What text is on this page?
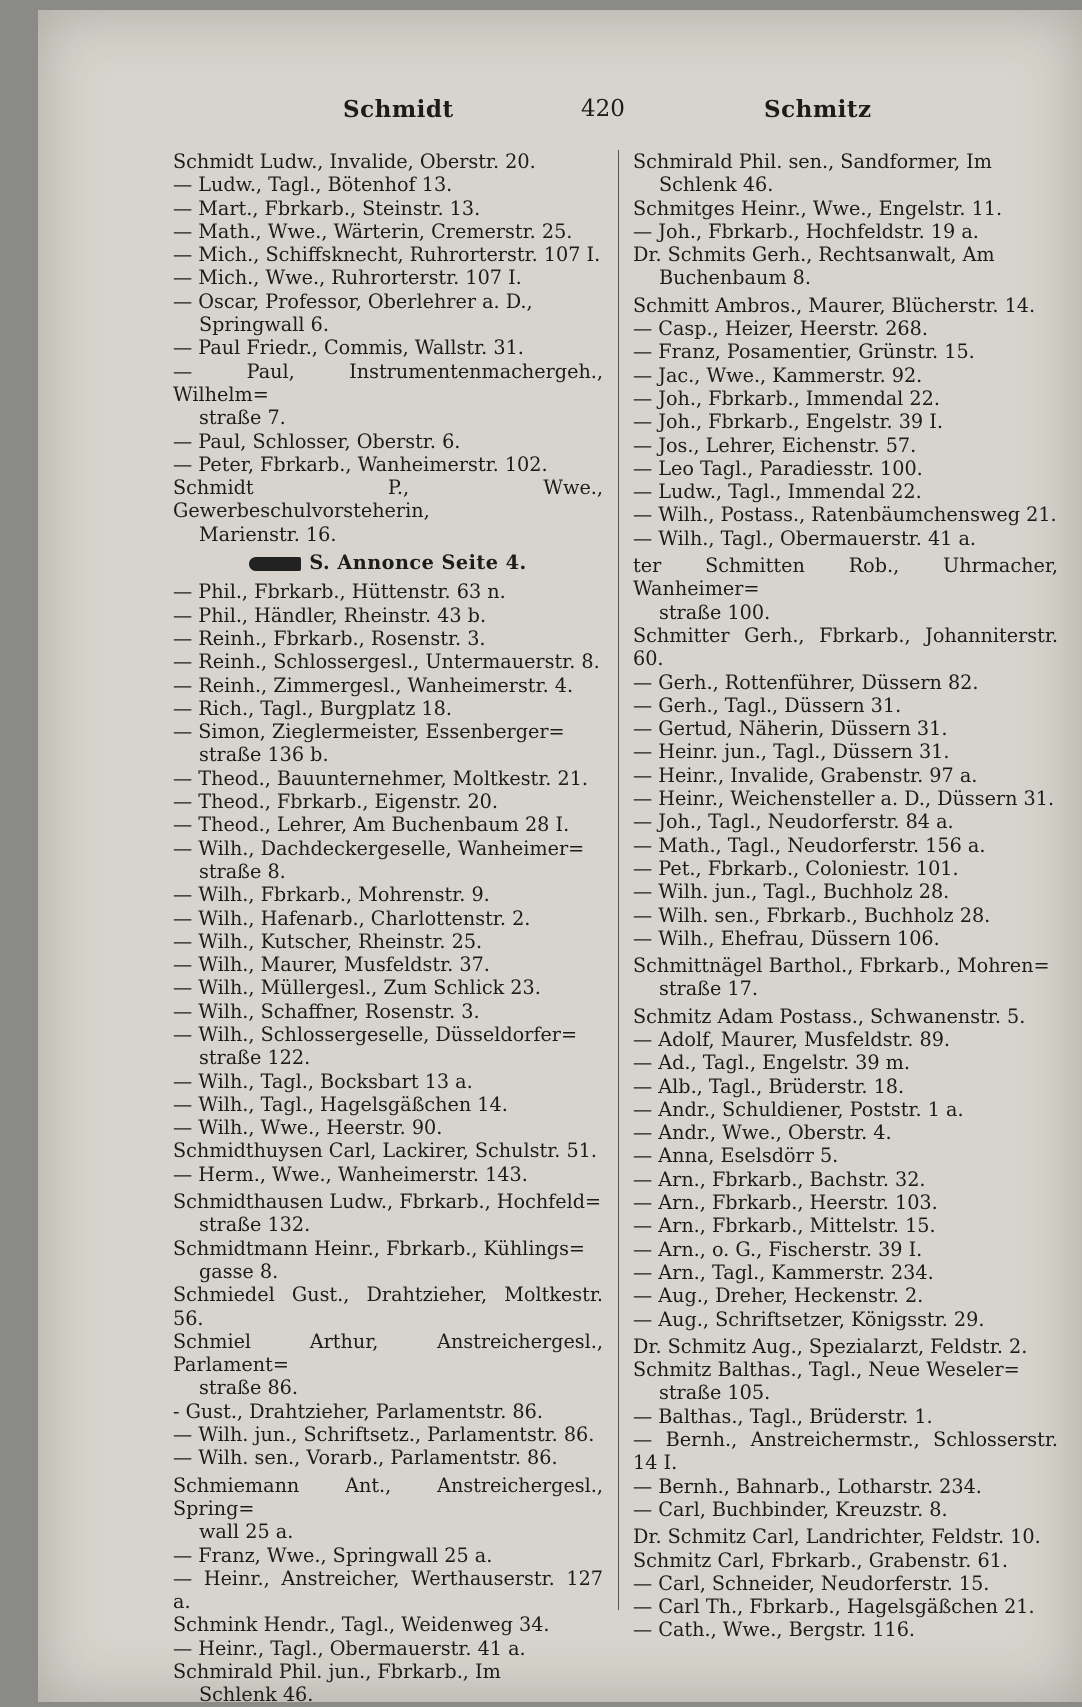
Schmidt	420	Schmitz
Schmidt Ludw., Invalide, Oberstr. 20.
— Ludw., Tagl., Bötenhof 13.
— Mart., Fbrkarb., Steinstr. 13.
— Math., Wwe., Wärterin, Cremerstr. 25.
— Mich., Schiffsknecht, Ruhrorterstr. 107 I.
— Mich., Wwe., Ruhrorterstr. 107 I.
— Oscar, Professor, Oberlehrer a. D.,
Springwall 6.
— Paul Friedr., Commis, Wallstr. 31.
— Paul, Instrumentenmachergeh., Wilhelm=
straße 7.
— Paul, Schlosser, Oberstr. 6.
— Peter, Fbrkarb., Wanheimerstr. 102.
Schmidt P., Wwe., Gewerbeschulvorsteherin,
Marienstr. 16.
S. Annonce Seite 4.
— Phil., Fbrkarb., Hüttenstr. 63 n.
— Phil., Händler, Rheinstr. 43 b.
— Reinh., Fbrkarb., Rosenstr. 3.
— Reinh., Schlossergesl., Untermauerstr. 8.
— Reinh., Zimmergesl., Wanheimerstr. 4.
— Rich., Tagl., Burgplatz 18.
— Simon, Zieglermeister, Essenberger=
straße 136 b.
— Theod., Bauunternehmer, Moltkestr. 21.
— Theod., Fbrkarb., Eigenstr. 20.
— Theod., Lehrer, Am Buchenbaum 28 I.
— Wilh., Dachdeckergeselle, Wanheimer=
straße 8.
— Wilh., Fbrkarb., Mohrenstr. 9.
— Wilh., Hafenarb., Charlottenstr. 2.
— Wilh., Kutscher, Rheinstr. 25.
— Wilh., Maurer, Musfeldstr. 37.
— Wilh., Müllergesl., Zum Schlick 23.
— Wilh., Schaffner, Rosenstr. 3.
— Wilh., Schlossergeselle, Düsseldorfer=
straße 122.
— Wilh., Tagl., Bocksbart 13 a.
— Wilh., Tagl., Hagelsgäßchen 14.
— Wilh., Wwe., Heerstr. 90.
Schmidthuysen Carl, Lackirer, Schulstr. 51.
— Herm., Wwe., Wanheimerstr. 143.
Schmidthausen Ludw., Fbrkarb., Hochfeld=
straße 132.
Schmidtmann Heinr., Fbrkarb., Kühlings=
gasse 8.
Schmiedel Gust., Drahtzieher, Moltkestr. 56.
Schmiel Arthur, Anstreichergesl., Parlament=
straße 86.
- Gust., Drahtzieher, Parlamentstr. 86.
— Wilh. jun., Schriftsetz., Parlamentstr. 86.
— Wilh. sen., Vorarb., Parlamentstr. 86.
Schmiemann Ant., Anstreichergesl., Spring=
wall 25 a.
— Franz, Wwe., Springwall 25 a.
— Heinr., Anstreicher, Werthauserstr. 127 a.
Schmink Hendr., Tagl., Weidenweg 34.
— Heinr., Tagl., Obermauerstr. 41 a.
Schmirald Phil. jun., Fbrkarb., Im
Schlenk 46.
Schmirald Phil. sen., Sandformer, Im
Schlenk 46.
Schmitges Heinr., Wwe., Engelstr. 11.
— Joh., Fbrkarb., Hochfeldstr. 19 a.
Dr. Schmits Gerh., Rechtsanwalt, Am
Buchenbaum 8.
Schmitt Ambros., Maurer, Blücherstr. 14.
— Casp., Heizer, Heerstr. 268.
— Franz, Posamentier, Grünstr. 15.
— Jac., Wwe., Kammerstr. 92.
— Joh., Fbrkarb., Immendal 22.
— Joh., Fbrkarb., Engelstr. 39 I.
— Jos., Lehrer, Eichenstr. 57.
— Leo Tagl., Paradiesstr. 100.
— Ludw., Tagl., Immendal 22.
— Wilh., Postass., Ratenbäumchensweg 21.
— Wilh., Tagl., Obermauerstr. 41 a.
ter Schmitten Rob., Uhrmacher, Wanheimer=
straße 100.
Schmitter Gerh., Fbrkarb., Johanniterstr. 60.
— Gerh., Rottenführer, Düssern 82.
— Gerh., Tagl., Düssern 31.
— Gertud, Näherin, Düssern 31.
— Heinr. jun., Tagl., Düssern 31.
— Heinr., Invalide, Grabenstr. 97 a.
— Heinr., Weichensteller a. D., Düssern 31.
— Joh., Tagl., Neudorferstr. 84 a.
— Math., Tagl., Neudorferstr. 156 a.
— Pet., Fbrkarb., Coloniestr. 101.
— Wilh. jun., Tagl., Buchholz 28.
— Wilh. sen., Fbrkarb., Buchholz 28.
— Wilh., Ehefrau, Düssern 106.
Schmittnägel Barthol., Fbrkarb., Mohren=
straße 17.
Schmitz Adam Postass., Schwanenstr. 5.
— Adolf, Maurer, Musfeldstr. 89.
— Ad., Tagl., Engelstr. 39 m.
— Alb., Tagl., Brüderstr. 18.
— Andr., Schuldiener, Poststr. 1 a.
— Andr., Wwe., Oberstr. 4.
— Anna, Eselsdörr 5.
— Arn., Fbrkarb., Bachstr. 32.
— Arn., Fbrkarb., Heerstr. 103.
— Arn., Fbrkarb., Mittelstr. 15.
— Arn., o. G., Fischerstr. 39 I.
— Arn., Tagl., Kammerstr. 234.
— Aug., Dreher, Heckenstr. 2.
— Aug., Schriftsetzer, Königsstr. 29.
Dr. Schmitz Aug., Spezialarzt, Feldstr. 2.
Schmitz Balthas., Tagl., Neue Weseler=
straße 105.
— Balthas., Tagl., Brüderstr. 1.
— Bernh., Anstreichermstr., Schlosserstr. 14 I.
— Bernh., Bahnarb., Lotharstr. 234.
— Carl, Buchbinder, Kreuzstr. 8.
Dr. Schmitz Carl, Landrichter, Feldstr. 10.
Schmitz Carl, Fbrkarb., Grabenstr. 61.
— Carl, Schneider, Neudorferstr. 15.
— Carl Th., Fbrkarb., Hagelsgäßchen 21.
— Cath., Wwe., Bergstr. 116.
